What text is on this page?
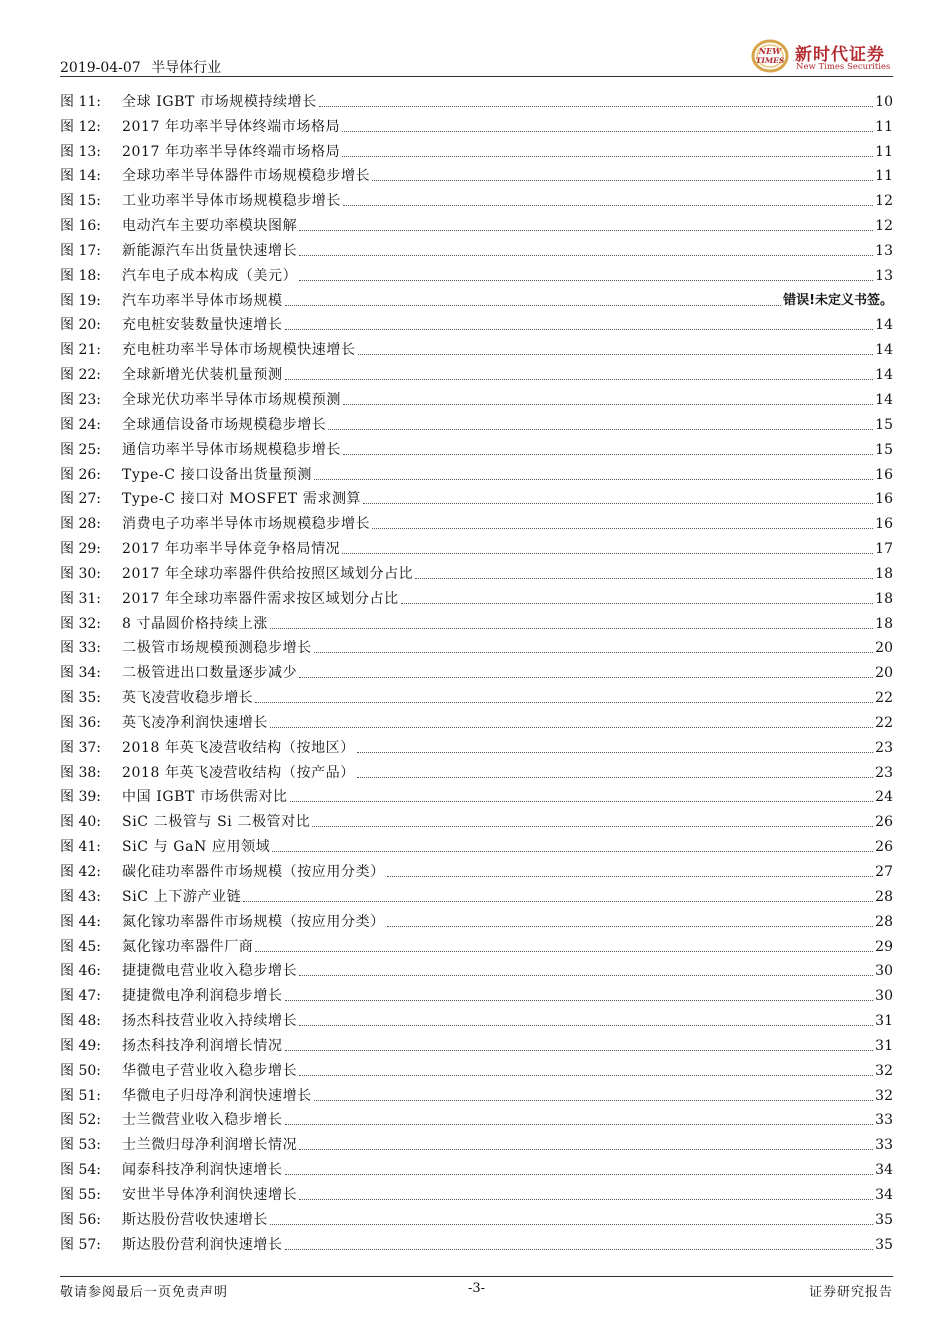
2019-04-07 半导体行业
NEW
TIMES 新时代证券
New Times Securities
图 11:	全球 IGBT 市场规模持续增长	10
图 12:	2017 年功率半导体终端市场格局	11
图 13:	2017 年功率半导体终端市场格局	11
图 14:	全球功率半导体器件市场规模稳步增长	11
图 15:	工业功率半导体市场规模稳步增长	12
图 16:	电动汽车主要功率模块图解	12
图 17:	新能源汽车出货量快速增长	13
图 18:	汽车电子成本构成（美元）	13
图 19:	汽车功率半导体市场规模	错误!未定义书签。
图 20:	充电桩安装数量快速增长	14
图 21:	充电桩功率半导体市场规模快速增长	14
图 22:	全球新增光伏装机量预测	14
图 23:	全球光伏功率半导体市场规模预测	14
图 24:	全球通信设备市场规模稳步增长	15
图 25:	通信功率半导体市场规模稳步增长	15
图 26:	Type-C 接口设备出货量预测	16
图 27:	Type-C 接口对 MOSFET 需求测算	16
图 28:	消费电子功率半导体市场规模稳步增长	16
图 29:	2017 年功率半导体竞争格局情况	17
图 30:	2017 年全球功率器件供给按照区域划分占比	18
图 31:	2017 年全球功率器件需求按区域划分占比	18
图 32:	8 寸晶圆价格持续上涨	18
图 33:	二极管市场规模预测稳步增长	20
图 34:	二极管进出口数量逐步减少	20
图 35:	英飞凌营收稳步增长	22
图 36:	英飞凌净利润快速增长	22
图 37:	2018 年英飞凌营收结构（按地区）	23
图 38:	2018 年英飞凌营收结构（按产品）	23
图 39:	中国 IGBT 市场供需对比	24
图 40:	SiC 二极管与 Si 二极管对比	26
图 41:	SiC 与 GaN 应用领域	26
图 42:	碳化硅功率器件市场规模（按应用分类）	27
图 43:	SiC 上下游产业链	28
图 44:	氮化镓功率器件市场规模（按应用分类）	28
图 45:	氮化镓功率器件厂商	29
图 46:	捷捷微电营业收入稳步增长	30
图 47:	捷捷微电净利润稳步增长	30
图 48:	扬杰科技营业收入持续增长	31
图 49:	扬杰科技净利润增长情况	31
图 50:	华微电子营业收入稳步增长	32
图 51:	华微电子归母净利润快速增长	32
图 52:	士兰微营业收入稳步增长	33
图 53:	士兰微归母净利润增长情况	33
图 54:	闻泰科技净利润快速增长	34
图 55:	安世半导体净利润快速增长	34
图 56:	斯达股份营收快速增长	35
图 57:	斯达股份营利润快速增长	35
敬请参阅最后一页免责声明	-3-	证券研究报告
